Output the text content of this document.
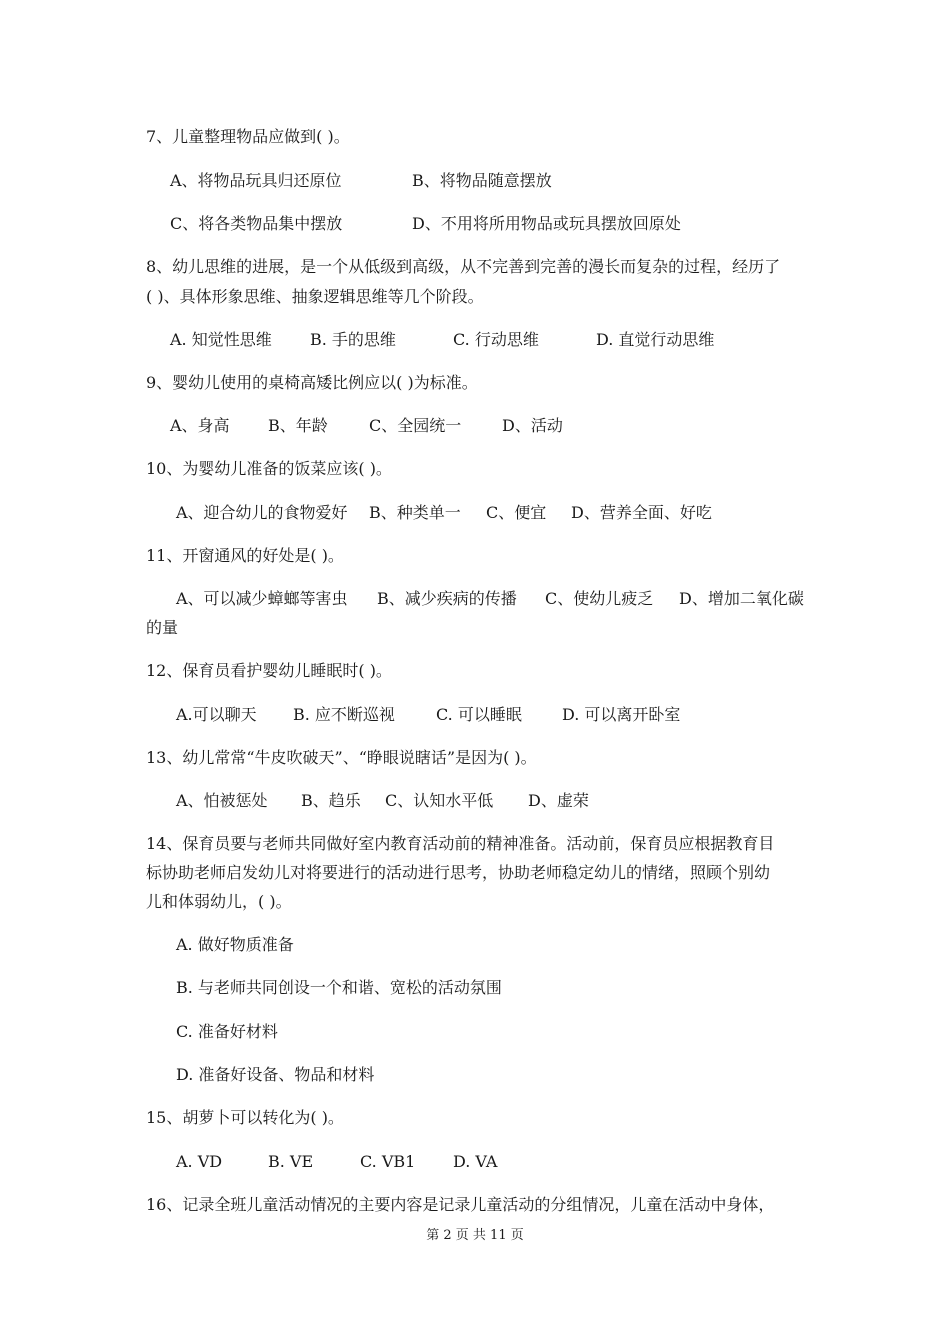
7、儿童整理物品应做到( )。
A、将物品玩具归还原位	B、将物品随意摆放
C、将各类物品集中摆放	D、不用将所用物品或玩具摆放回原处
8、幼儿思维的进展，是一个从低级到高级，从不完善到完善的漫长而复杂的过程，经历了
( )、具体形象思维、抽象逻辑思维等几个阶段。
A. 知觉性思维 B. 手的思维	C. 行动思维	D. 直觉行动思维
9、婴幼儿使用的桌椅高矮比例应以( )为标准。
A、身高 B、年龄	C、全园统一	D、活动
10、为婴幼儿准备的饭菜应该( )。
A、迎合幼儿的食物爱好 B、种类单一 C、便宜 D、营养全面、好吃
11、开窗通风的好处是( )。
A、可以减少蟑螂等害虫 B、减少疾病的传播 C、使幼儿疲乏 D、增加二氧化碳
的量
12、保育员看护婴幼儿睡眠时( )。
A.可以聊天 B. 应不断巡视	C. 可以睡眠	D. 可以离开卧室
13、幼儿常常“牛皮吹破天”、“睁眼说瞎话”是因为( )。
A、怕被惩处 B、趋乐 C、认知水平低 D、虚荣
14、保育员要与老师共同做好室内教育活动前的精神准备。活动前，保育员应根据教育目
标协助老师启发幼儿对将要进行的活动进行思考，协助老师稳定幼儿的情绪，照顾个别幼
儿和体弱幼儿，( )。
A. 做好物质准备
B. 与老师共同创设一个和谐、宽松的活动氛围
C. 准备好材料
D. 准备好设备、物品和材料
15、胡萝卜可以转化为( )。
A. VD	B. VE	C. VB1 D. VA
16、记录全班儿童活动情况的主要内容是记录儿童活动的分组情况，儿童在活动中身体，
第 2 页 共 11 页
